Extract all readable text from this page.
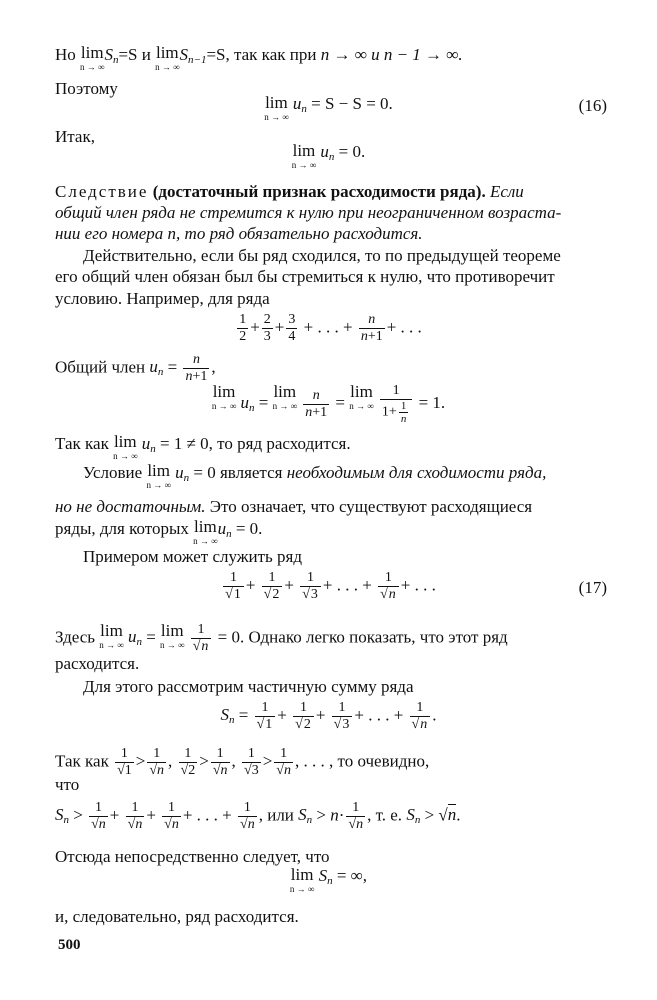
Но lim
n → ∞
Sn=S и lim
n → ∞
Sn−1=S, так как при n → ∞ и n − 1 → ∞.
Поэтому
lim
n → ∞
un = S − S = 0.	(16)
Итак,
lim
n → ∞
un = 0.
Следствие (достаточный признак расходимости ряда). Если
общий член ряда не стремится к нулю при неограниченном возраста-
нии его номера n, то ряд обязательно расходится.
Действительно, если бы ряд сходился, то по предыдущей теореме
его общий член обязан был бы стремиться к нулю, что противоречит
условию. Например, для ряда
$\frac{1}{2} + \frac{2}{3} + \frac{3}{4}$ + . . . + $\frac{n}{n+1}$ + . . .
Общий член un = $\frac{n}{n+1}$ ,
lim
n → ∞ un = lim
n → ∞
$\frac{n}{n+1} = \lim$
n → ∞
$\frac{1}{1+ \frac{1}{n}} = 1$.
Так как lim
n → ∞
un = 1 ≠ 0, то ряд расходится.
Условие lim
n → ∞
un = 0 является необходимым для сходимости ряда,
но не достаточным. Это означает, что существуют расходящиеся
ряды, для которых lim
n → ∞
un = 0.
Примером может служить ряд
$\frac{1}{√1} + \frac{1}{√2} + \frac{1}{√3}$ + . . . + $\frac{1}{√n}$ + . . .	(17)
Здесь lim
n → ∞ un = lim
n → ∞
$\frac{1}{√n} = 0$. Однако легко показать, что этот ряд
расходится.
Для этого рассмотрим частичную сумму ряда
$Sn = \frac{1}{√1} + \frac{1}{√2} + \frac{1}{√3}$ + . . . + $\frac{1}{√n}$ .
Так как $\frac{1}{√1} > \frac{1}{√n}$ , $\frac{1}{√2} > \frac{1}{√n}$ , $\frac{1}{√3} > \frac{1}{√n}$ , . . . , то очевидно,
что
$Sn > \frac{1}{√n} + \frac{1}{√n} + \frac{1}{√n}$ + . . . + $\frac{1}{√n}$ , или $Sn > n\cdot \frac{1}{√n}$ , т. е. Sn > √n.
Отсюда непосредственно следует, что
lim
n → ∞
Sn = ∞,
и, следовательно, ряд расходится.
500
